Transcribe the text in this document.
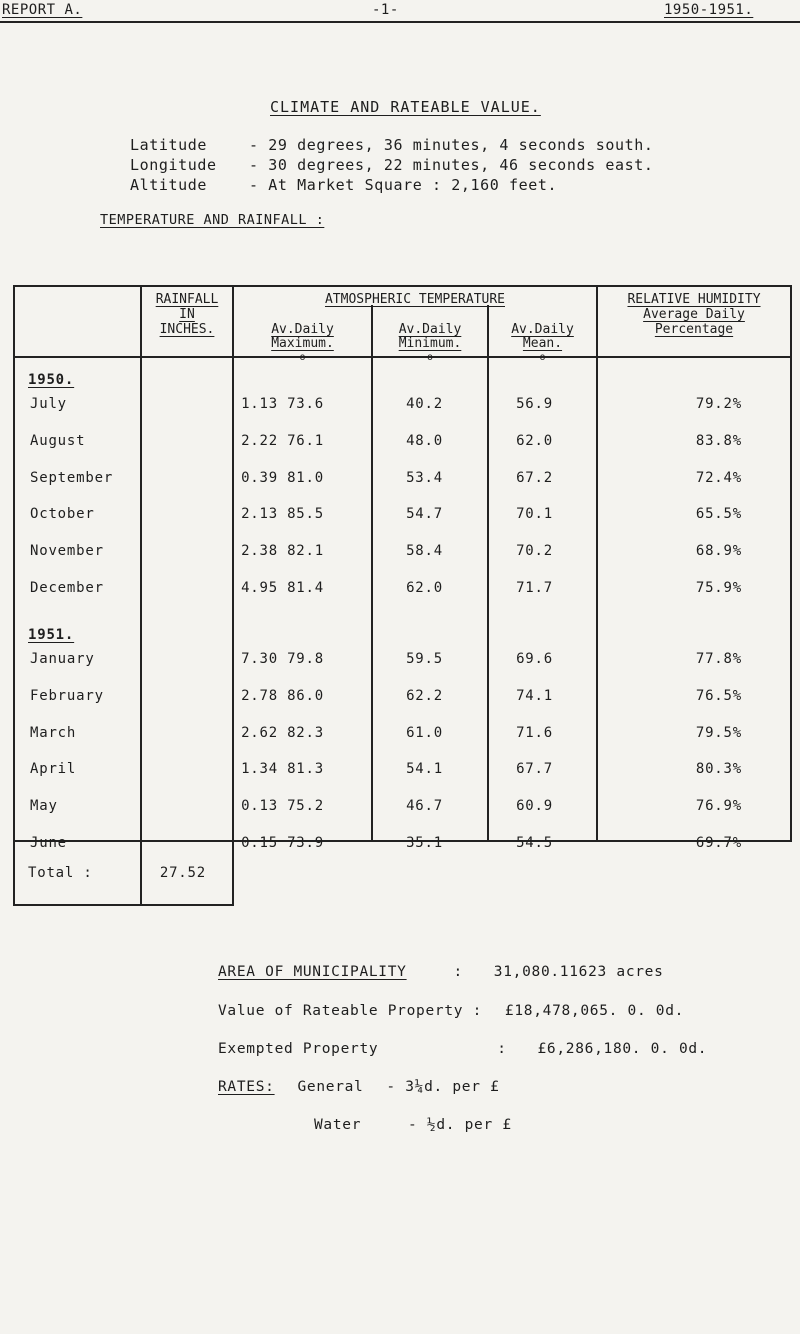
REPORT A.	-1-	1950-1951.
CLIMATE AND RATEABLE VALUE.
Latitude	- 29 degrees, 36 minutes, 4 seconds south.
Longitude - 30 degrees, 22 minutes, 46 seconds east.
Altitude	- At Market Square : 2,160 feet.
TEMPERATURE AND RAINFALL :
RAINFALL
IN
INCHES.
ATMOSPHERIC TEMPERATURE
Av.Daily
Maximum.
o
Av.Daily
Minimum.
o
Av.Daily
Mean.
o
RELATIVE HUMIDITY
Average Daily
Percentage
1950.
1951.
July	1.13 73.6	40.2	56.9	79.2%
August	2.22 76.1	48.0	62.0	83.8%
September	0.39 81.0	53.4	67.2	72.4%
October	2.13 85.5	54.7	70.1	65.5%
November	2.38 82.1	58.4	70.2	68.9%
December	4.95 81.4	62.0	71.7	75.9%
January	7.30 79.8	59.5	69.6	77.8%
February	2.78 86.0	62.2	74.1	76.5%
March	2.62 82.3	61.0	71.6	79.5%
April	1.34 81.3	54.1	67.7	80.3%
May	0.13 75.2	46.7	60.9	76.9%
June	0.15 73.9	35.1	54.5	69.7%
Total :	27.52
AREA OF MUNICIPALITY	: 31,080.11623 acres
Value of Rateable Property : £18,478,065. 0. 0d.
Exempted Property	: £6,286,180. 0. 0d.
RATES: General - 3¼d. per £
Water	- ½d. per £
